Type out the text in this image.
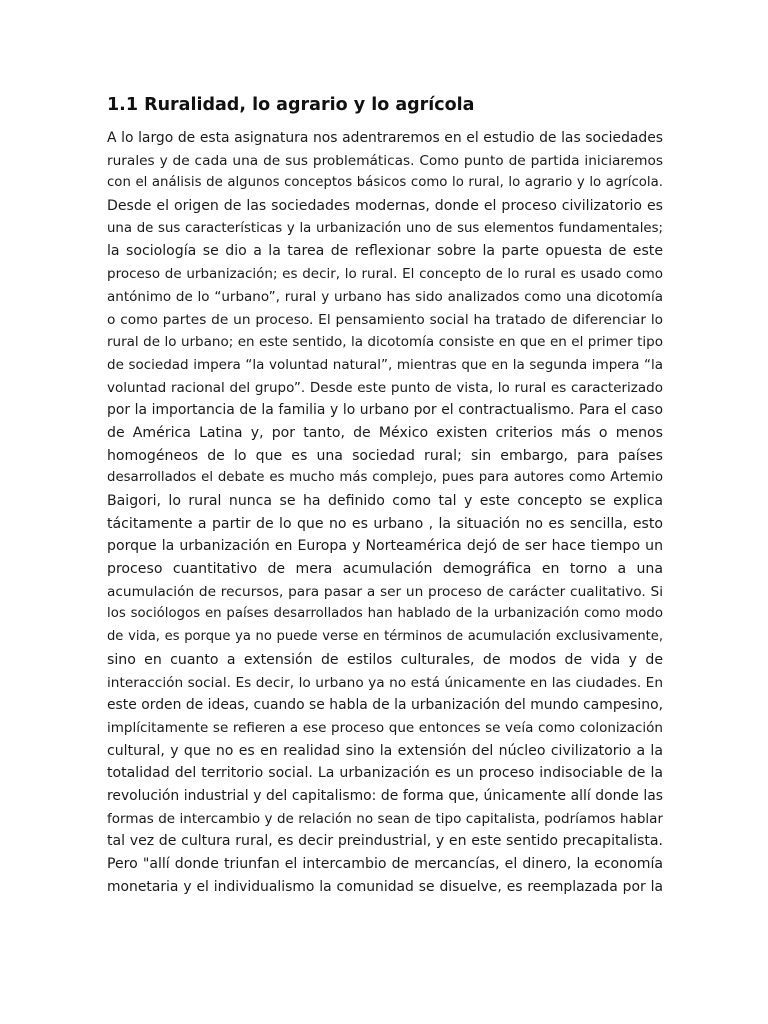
1.1 Ruralidad, lo agrario y lo agrícola
A lo largo de esta asignatura nos adentraremos en el estudio de las sociedades
rurales y de cada una de sus problemáticas. Como punto de partida iniciaremos
con el análisis de algunos conceptos básicos como lo rural, lo agrario y lo agrícola.
Desde el origen de las sociedades modernas, donde el proceso civilizatorio es
una de sus características y la urbanización uno de sus elementos fundamentales;
la sociología se dio a la tarea de reflexionar sobre la parte opuesta de este
proceso de urbanización; es decir, lo rural. El concepto de lo rural es usado como
antónimo de lo “urbano”, rural y urbano has sido analizados como una dicotomía
o como partes de un proceso. El pensamiento social ha tratado de diferenciar lo
rural de lo urbano; en este sentido, la dicotomía consiste en que en el primer tipo
de sociedad impera “la voluntad natural”, mientras que en la segunda impera “la
voluntad racional del grupo”. Desde este punto de vista, lo rural es caracterizado
por la importancia de la familia y lo urbano por el contractualismo. Para el caso
de América Latina y, por tanto, de México existen criterios más o menos
homogéneos de lo que es una sociedad rural; sin embargo, para países
desarrollados el debate es mucho más complejo, pues para autores como Artemio
Baigori, lo rural nunca se ha definido como tal y este concepto se explica
tácitamente a partir de lo que no es urbano , la situación no es sencilla, esto
porque la urbanización en Europa y Norteamérica dejó de ser hace tiempo un
proceso cuantitativo de mera acumulación demográfica en torno a una
acumulación de recursos, para pasar a ser un proceso de carácter cualitativo. Si
los sociólogos en países desarrollados han hablado de la urbanización como modo
de vida, es porque ya no puede verse en términos de acumulación exclusivamente,
sino en cuanto a extensión de estilos culturales, de modos de vida y de
interacción social. Es decir, lo urbano ya no está únicamente en las ciudades. En
este orden de ideas, cuando se habla de la urbanización del mundo campesino,
implícitamente se refieren a ese proceso que entonces se veía como colonización
cultural, y que no es en realidad sino la extensión del núcleo civilizatorio a la
totalidad del territorio social. La urbanización es un proceso indisociable de la
revolución industrial y del capitalismo: de forma que, únicamente allí donde las
formas de intercambio y de relación no sean de tipo capitalista, podríamos hablar
tal vez de cultura rural, es decir preindustrial, y en este sentido precapitalista.
Pero "allí donde triunfan el intercambio de mercancías, el dinero, la economía
monetaria y el individualismo la comunidad se disuelve, es reemplazada por la
